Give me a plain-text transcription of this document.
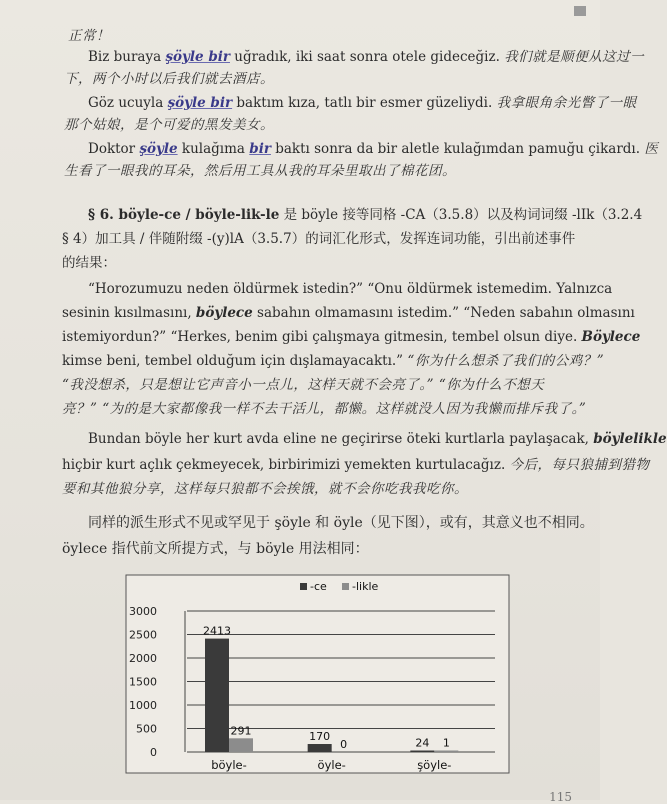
正常！
Biz buraya şöyle bir uğradık, iki saat sonra otele gideceğiz. 我们就是顺便从这过一
下，两个小时以后我们就去酒店。
Göz ucuyla şöyle bir baktım kıza, tatlı bir esmer güzeliydi. 我拿眼角余光瞥了一眼
那个姑娘，是个可爱的黑发美女。
Doktor şöyle kulağıma bir baktı sonra da bir aletle kulağımdan pamuğu çikardı. 医
生看了一眼我的耳朵，然后用工具从我的耳朵里取出了棉花团。
§ 6. böyle-ce / böyle-lik-le 是 böyle 接等同格 -CA（3.5.8）以及构词词缀 -lIk（3.2.4
§ 4）加工具 / 伴随附缀 -(y)lA（3.5.7）的词汇化形式，发挥连词功能，引出前述事件
的结果：
“Horozumuzu neden öldürmek istedin?” “Onu öldürmek istemedim. Yalnızca
sesinin kısılmasını, böylece sabahın olmamasını istedim.” “Neden sabahın olmasını
istemiyordun?” “Herkes, benim gibi çalışmaya gitmesin, tembel olsun diye. Böylece
kimse beni, tembel olduğum için dışlamayacaktı.” “你为什么想杀了我们的公鸡？”
“我没想杀，只是想让它声音小一点儿，这样天就不会亮了。” “你为什么不想天
亮？” “为的是大家都像我一样不去干活儿，都懒。这样就没人因为我懒而排斥我了。”
Bundan böyle her kurt avda eline ne geçirirse öteki kurtlarla paylaşacak, böylelikle
hiçbir kurt açlık çekmeyecek, birbirimizi yemekten kurtulacağız. 今后，每只狼捕到猎物
要和其他狼分享，这样每只狼都不会挨饿，就不会你吃我我吃你。
同样的派生形式不见或罕见于 şöyle 和 öyle（见下图），或有，其意义也不相同。
öylece 指代前文所提方式，与 böyle 用法相同：
0
500
1000
1500
2000
2500
3000
2413
291
böyle-
170
0
öyle-
24 1
şöyle-
-ce -likle
115
